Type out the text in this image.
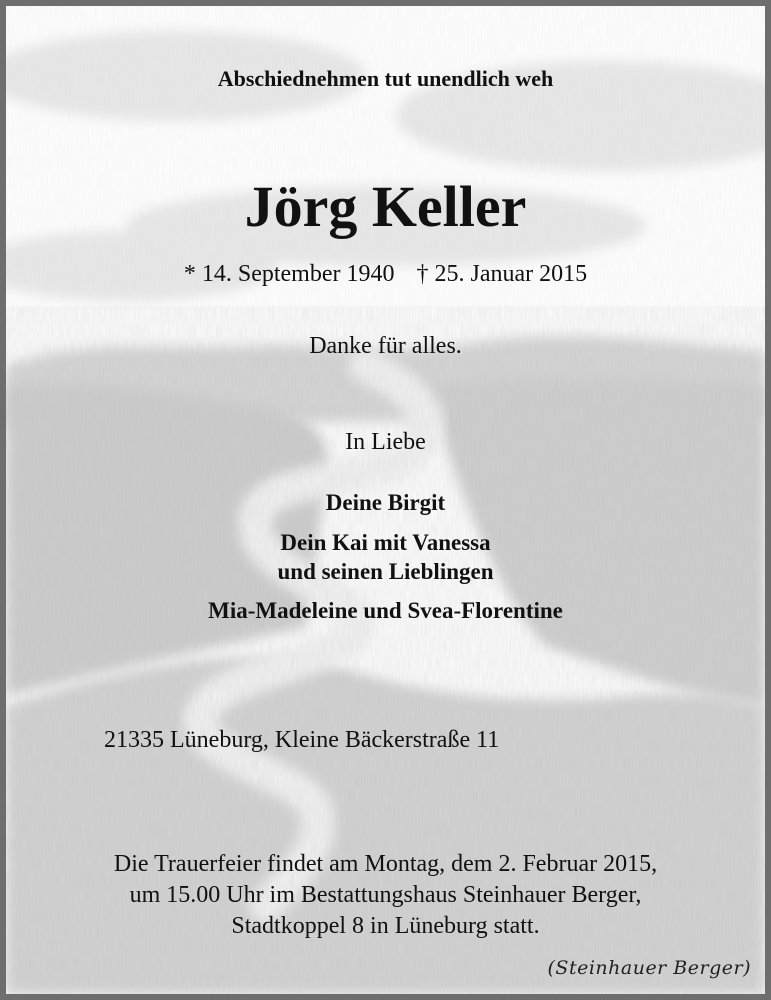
Abschiednehmen tut unendlich weh
Jörg Keller
* 14. September 1940 † 25. Januar 2015
Danke für alles.
In Liebe
Deine Birgit
Dein Kai mit Vanessa
und seinen Lieblingen
Mia-Madeleine und Svea-Florentine
21335 Lüneburg, Kleine Bäckerstraße 11
Die Trauerfeier findet am Montag, dem 2. Februar 2015,
um 15.00 Uhr im Bestattungshaus Steinhauer Berger,
Stadtkoppel 8 in Lüneburg statt.
(Steinhauer Berger)
